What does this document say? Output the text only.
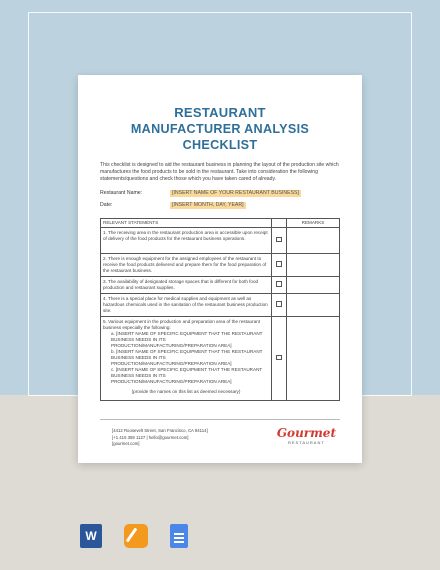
RESTAURANT
MANUFACTURER ANALYSIS CHECKLIST
This checklist is designed to aid the restaurant business in planning the layout of the production site which manufactures the food products to be sold in the restaurant. Take into consideration the following statements/questions and check those which you have taken cared of already.
Restaurant Name:	[INSERT NAME OF YOUR RESTAURANT BUSINESS]
Date:	[INSERT MONTH, DAY, YEAR]
RELEVANT STATEMENTS		REMARKS
1. The receiving area in the restaurant production area is accessible upon receipt of delivery of the food products for the restaurant business operations.		
2. There is enough equipment for the assigned employees of the restaurant to receive the food products delivered and prepare them for the food preparation of the restaurant business.		
3. The availability of designated storage spaces that is different for both food production and restaurant supplies.		
4. There is a special place for medical supplies and equipment as well as hazardous chemicals used in the sanitation of the restaurant business production site.		
5. Various equipment in the production and preparation area of the restaurant business especially the following:
a. [INSERT NAME OF SPECIFIC EQUIPMENT THAT THE RESTAURANT BUSINESS NEEDS IN ITS PRODUCTION/MANUFACTURING/PREPARATION AREA]
b. [INSERT NAME OF SPECIFIC EQUIPMENT THAT THE RESTAURANT BUSINESS NEEDS IN ITS PRODUCTION/MANUFACTURING/PREPARATION AREA]
c. [INSERT NAME OF SPECIFIC EQUIPMENT THAT THE RESTAURANT BUSINESS NEEDS IN ITS PRODUCTION/MANUFACTURING/PREPARATION AREA]
(provide the names on this list as deemed necessary)		

[4412 Roosevelt Street, San Francisco, CA 94114]
[+1 415 359 1127 | hello@gourmet.com]
[gourmet.com]
Gourmet
RESTAURANT
W
